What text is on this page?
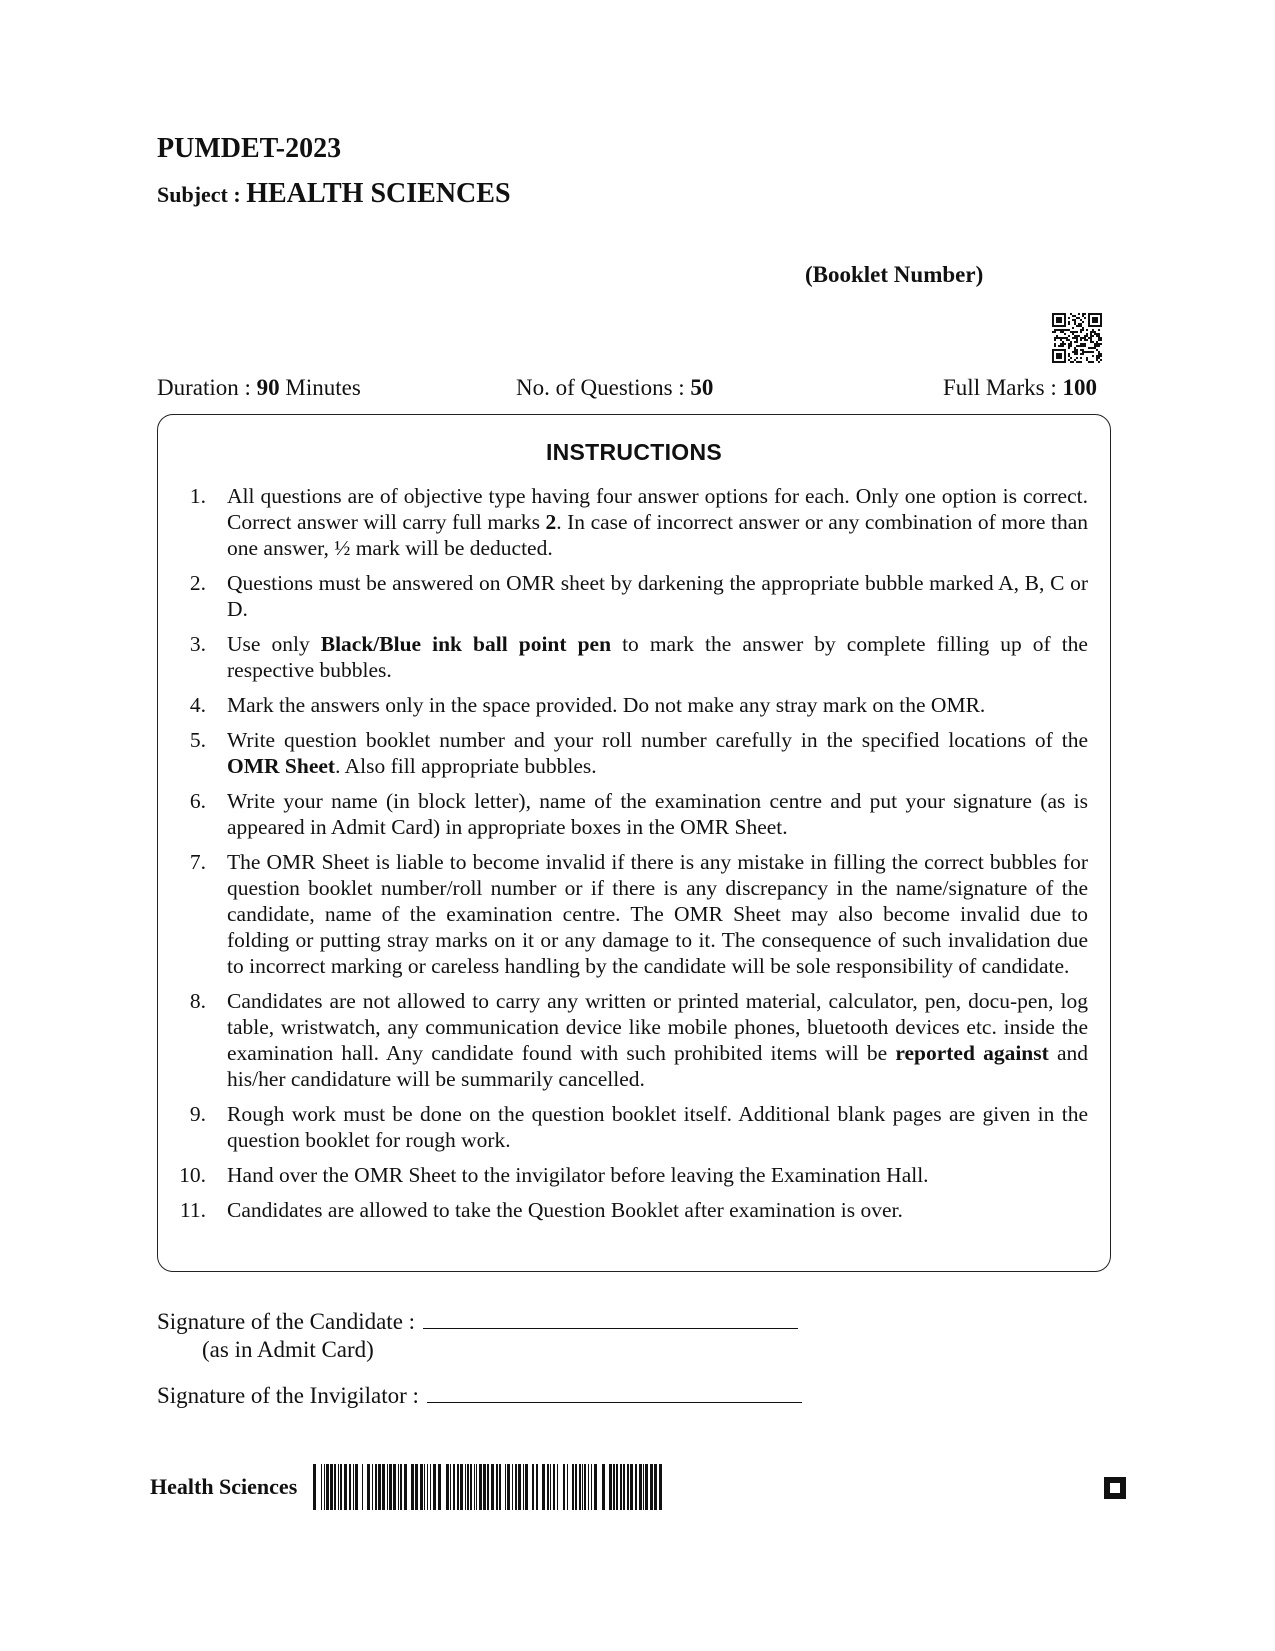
PUMDET-2023
Subject : HEALTH SCIENCES
(Booklet Number)
Duration : 90 Minutes	No. of Questions : 50	Full Marks : 100
INSTRUCTIONS
1. All questions are of objective type having four answer options for each. Only one option is correct. Correct answer will carry full marks 2. In case of incorrect answer or any combination of more than one answer, ½ mark will be deducted.
2. Questions must be answered on OMR sheet by darkening the appropriate bubble marked A, B, C or D.
3. Use only Black/Blue ink ball point pen to mark the answer by complete filling up of the respective bubbles.
4. Mark the answers only in the space provided. Do not make any stray mark on the OMR.
5. Write question booklet number and your roll number carefully in the specified locations of the OMR Sheet. Also fill appropriate bubbles.
6. Write your name (in block letter), name of the examination centre and put your signature (as is appeared in Admit Card) in appropriate boxes in the OMR Sheet.
7. The OMR Sheet is liable to become invalid if there is any mistake in filling the correct bubbles for question booklet number/roll number or if there is any discrepancy in the name/signature of the candidate, name of the examination centre. The OMR Sheet may also become invalid due to folding or putting stray marks on it or any damage to it. The consequence of such invalidation due to incorrect marking or careless handling by the candidate will be sole responsibility of candidate.
8. Candidates are not allowed to carry any written or printed material, calculator, pen, docu-pen, log table, wristwatch, any communication device like mobile phones, bluetooth devices etc. inside the examination hall. Any candidate found with such prohibited items will be reported against and his/her candidature will be summarily cancelled.
9. Rough work must be done on the question booklet itself. Additional blank pages are given in the question booklet for rough work.
10. Hand over the OMR Sheet to the invigilator before leaving the Examination Hall.
11. Candidates are allowed to take the Question Booklet after examination is over.
Signature of the Candidate :
(as in Admit Card)
Signature of the Invigilator :
Health Sciences
